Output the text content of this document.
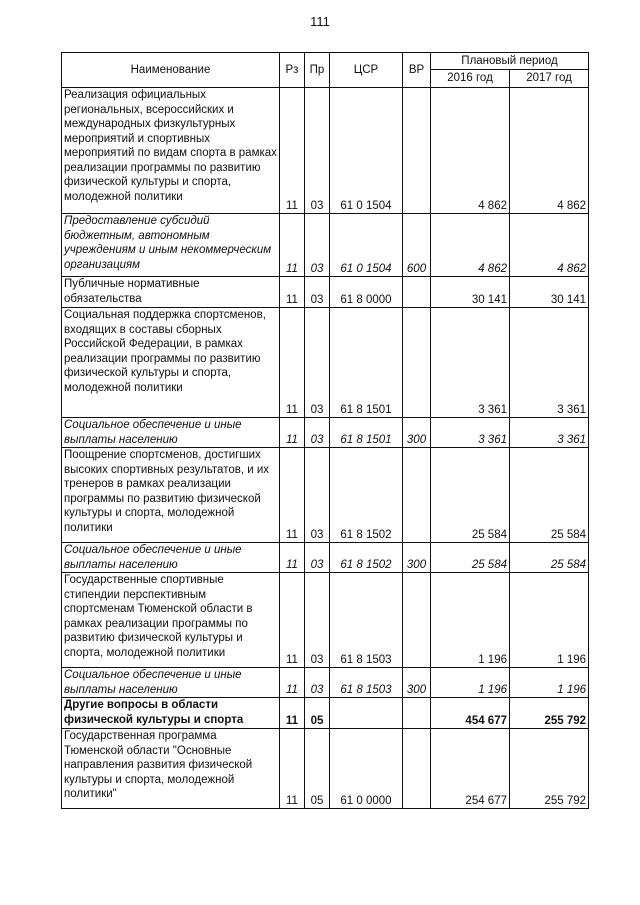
111
Наименование	Рз	Пр	ЦСР	ВР	Плановый период	
					2016 год	2017 год
Реализация официальных региональных, всероссийских и международных физкультурных мероприятий и спортивных мероприятий по видам спорта в рамках реализации программы по развитию физической культуры и спорта, молодежной политики	11	03	61 0 1504		4 862	4 862
Предоставление субсидий бюджетным, автономным учреждениям и иным некоммерческим организациям	11	03	61 0 1504	600	4 862	4 862
Публичные нормативные обязательства	11	03	61 8 0000		30 141	30 141
Социальная поддержка спортсменов, входящих в составы сборных Российской Федерации, в рамках реализации программы по развитию физической культуры и спорта, молодежной политики	11	03	61 8 1501		3 361	3 361
Социальное обеспечение и иные выплаты населению	11	03	61 8 1501	300	3 361	3 361
Поощрение спортсменов, достигших высоких спортивных результатов, и их тренеров в рамках реализации программы по развитию физической культуры и спорта, молодежной политики	11	03	61 8 1502		25 584	25 584
Социальное обеспечение и иные выплаты населению	11	03	61 8 1502	300	25 584	25 584
Государственные спортивные стипендии перспективным спортсменам Тюменской области в рамках реализации программы по развитию физической культуры и спорта, молодежной политики	11	03	61 8 1503		1 196	1 196
Социальное обеспечение и иные выплаты населению	11	03	61 8 1503	300	1 196	1 196
Другие вопросы в области физической культуры и спорта	11	05			454 677	255 792
Государственная программа Тюменской области "Основные направления развития физической культуры и спорта, молодежной политики"	11	05	61 0 0000		254 677	255 792
